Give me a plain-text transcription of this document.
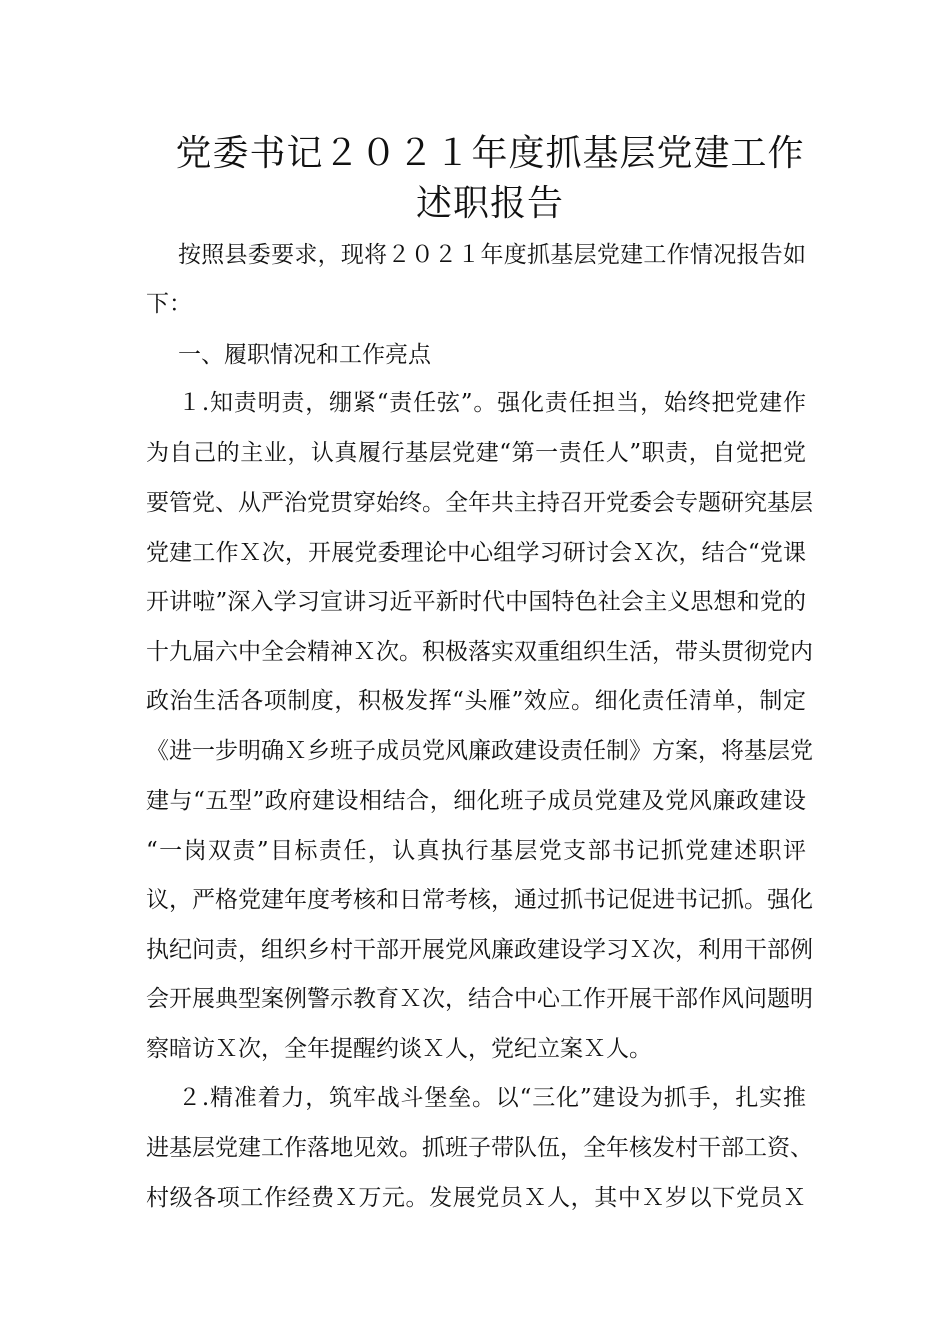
党委书记２０２１年度抓基层党建工作
述职报告
按照县委要求，现将２０２１年度抓基层党建工作情况报告如
下：
一、履职情况和工作亮点
１.知责明责，绷紧“责任弦”。强化责任担当，始终把党建作
为自己的主业，认真履行基层党建“第一责任人”职责，自觉把党
要管党、从严治党贯穿始终。全年共主持召开党委会专题研究基层
党建工作Ｘ次，开展党委理论中心组学习研讨会Ｘ次，结合“党课
开讲啦”深入学习宣讲习近平新时代中国特色社会主义思想和党的
十九届六中全会精神Ｘ次。积极落实双重组织生活，带头贯彻党内
政治生活各项制度，积极发挥“头雁”效应。细化责任清单，制定
《进一步明确Ｘ乡班子成员党风廉政建设责任制》方案，将基层党
建与“五型”政府建设相结合，细化班子成员党建及党风廉政建设
“一岗双责”目标责任，认真执行基层党支部书记抓党建述职评
议，严格党建年度考核和日常考核，通过抓书记促进书记抓。强化
执纪问责，组织乡村干部开展党风廉政建设学习Ｘ次，利用干部例
会开展典型案例警示教育Ｘ次，结合中心工作开展干部作风问题明
察暗访Ｘ次，全年提醒约谈Ｘ人，党纪立案Ｘ人。
２.精准着力，筑牢战斗堡垒。以“三化”建设为抓手，扎实推
进基层党建工作落地见效。抓班子带队伍，全年核发村干部工资、
村级各项工作经费Ｘ万元。发展党员Ｘ人，其中Ｘ岁以下党员Ｘ
